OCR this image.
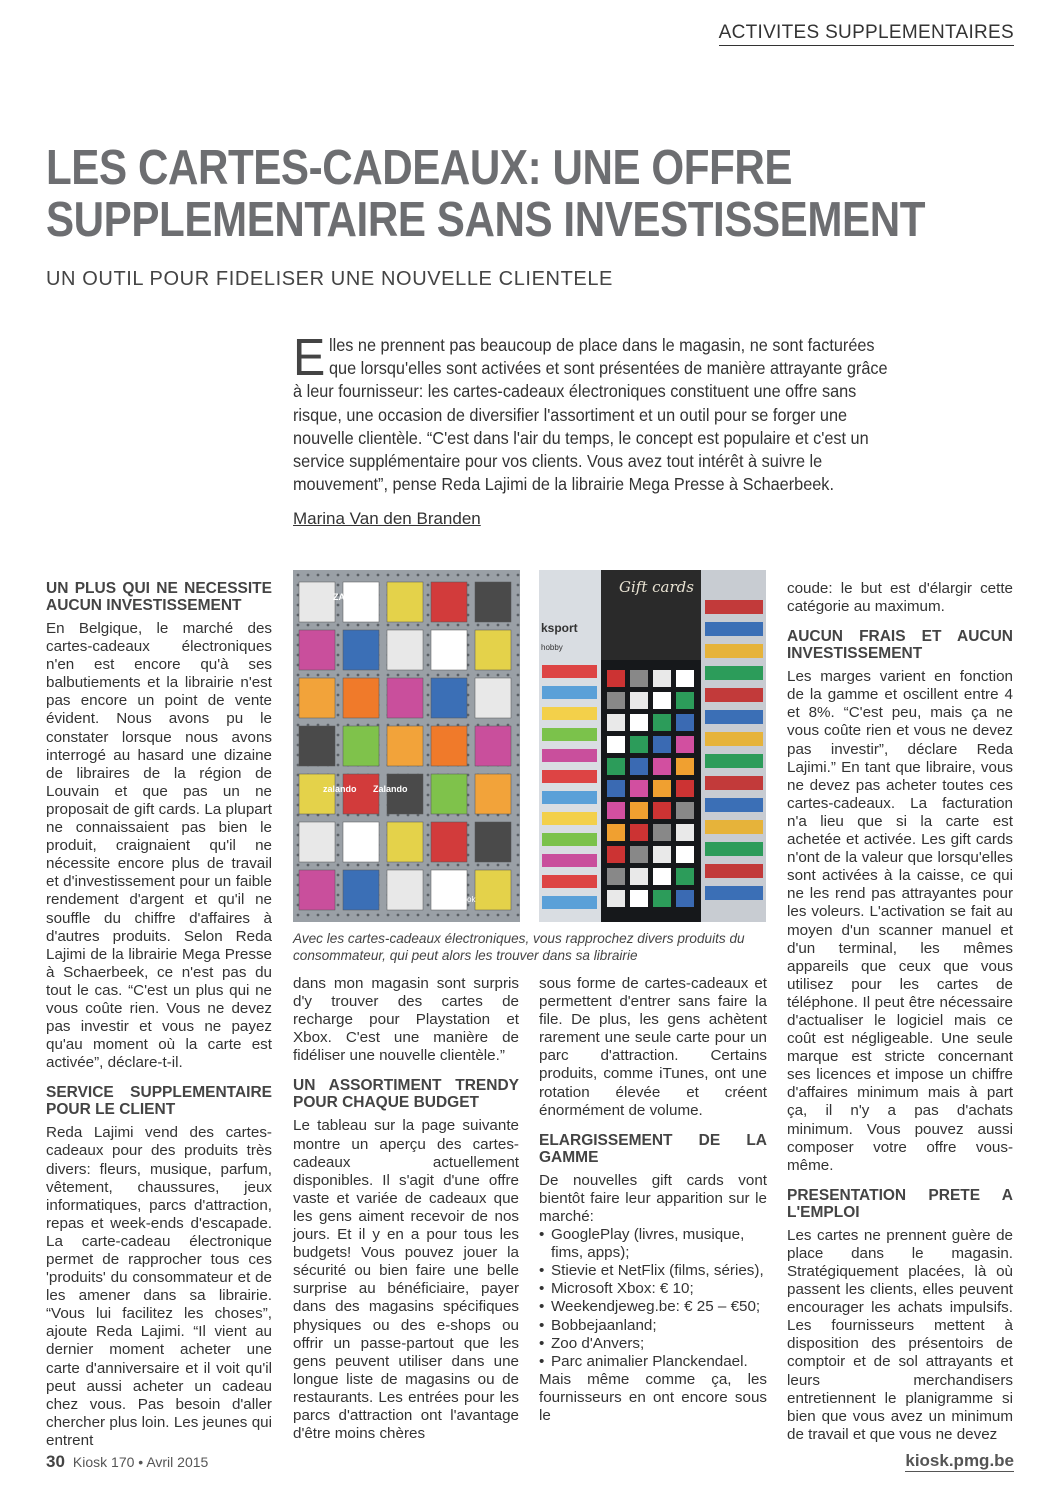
ACTIVITES SUPPLEMENTAIRES
LES CARTES-CADEAUX: UNE OFFRE
SUPPLEMENTAIRE SANS INVESTISSEMENT
UN OUTIL POUR FIDELISER UNE NOUVELLE CLIENTELE
Elles ne prennent pas beaucoup de place dans le magasin, ne sont facturées que lorsqu'elles sont activées et sont présentées de manière attrayante grâce à leur fournisseur: les cartes-cadeaux électroniques constituent une offre sans risque, une occasion de diversifier l'assortiment et un outil pour se forger une nouvelle clientèle. “C'est dans l'air du temps, le concept est populaire et c'est un service supplémentaire pour vos clients. Vous avez tout intérêt à suivre le mouvement”, pense Reda Lajimi de la librairie Mega Presse à Schaerbeek.
Marina Van den Branden
UN PLUS QUI NE NECESSITE AUCUN INVESTISSEMENT

En Belgique, le marché des cartes-cadeaux électroniques n'en est encore qu'à ses balbutiements et la librairie n'est pas encore un point de vente évident. Nous avons pu le constater lorsque nous avons interrogé au hasard une dizaine de libraires de la région de Louvain et que pas un ne proposait de gift cards. La plupart ne connaissaient pas bien le produit, craignaient qu'il ne nécessite encore plus de travail et d'investissement pour un faible rendement d'argent et qu'il ne souffle du chiffre d'affaires à d'autres produits. Selon Reda Lajimi de la librairie Mega Presse à Schaerbeek, ce n'est pas du tout le cas. “C'est un plus qui ne vous coûte rien. Vous ne devez pas investir et vous ne payez qu'au moment où la carte est activée”, déclare-t-il.

SERVICE SUPPLEMENTAIRE POUR LE CLIENT

Reda Lajimi vend des cartes-cadeaux pour des produits très divers: fleurs, musique, parfum, vêtement, chaussures, jeux informatiques, parcs d'attraction, repas et week-ends d'escapade. La carte-cadeau électronique permet de rapprocher tous ces 'produits' du consommateur et de les amener dans sa librairie. “Vous lui facilitez les choses”, ajoute Reda Lajimi. “Il vient au dernier moment acheter une carte d'anniversaire et il voit qu'il peut aussi acheter un cadeau chez vous. Pas besoin d'aller chercher plus loin. Les jeunes qui entrent

ZALANDO
zalando
facebook
Zalando
Gift cards
ksport
hobby
Avec les cartes-cadeaux électroniques, vous rapprochez divers produits du consommateur, qui peut alors les trouver dans sa librairie

dans mon magasin sont surpris d'y trouver des cartes de recharge pour Playstation et Xbox. C'est une manière de fidéliser une nouvelle clientèle.”

UN ASSORTIMENT TRENDY POUR CHAQUE BUDGET

Le tableau sur la page suivante montre un aperçu des cartes-cadeaux actuellement disponibles. Il s'agit d'une offre vaste et variée de cadeaux que les gens aiment recevoir de nos jours. Et il y en a pour tous les budgets! Vous pouvez jouer la sécurité ou bien faire une belle surprise au bénéficiaire, payer dans des magasins spécifiques physiques ou des e-shops ou offrir un passe-partout que les gens peuvent utiliser dans une longue liste de magasins ou de restaurants. Les entrées pour les parcs d'attraction ont l'avantage d'être moins chères

sous forme de cartes-cadeaux et permettent d'entrer sans faire la file. De plus, les gens achètent rarement une seule carte pour un parc d'attraction. Certains produits, comme iTunes, ont une rotation élevée et créent énormément de volume.

ELARGISSEMENT DE LA GAMME

De nouvelles gift cards vont bientôt faire leur apparition sur le marché:

• GooglePlay (livres, musique, fims, apps);
• Stievie et NetFlix (films, séries),
• Microsoft Xbox: € 10;
• Weekendjeweg.be: € 25 – €50;
• Bobbejaanland;
• Zoo d'Anvers;
• Parc animalier Planckendael.

Mais même comme ça, les fournisseurs en ont encore sous le

coude: le but est d'élargir cette catégorie au maximum.

AUCUN FRAIS ET AUCUN INVESTISSEMENT

Les marges varient en fonction de la gamme et oscillent entre 4 et 8%. “C'est peu, mais ça ne vous coûte rien et vous ne devez pas investir”, déclare Reda Lajimi.” En tant que libraire, vous ne devez pas acheter toutes ces cartes-cadeaux. La facturation n'a lieu que si la carte est achetée et activée. Les gift cards n'ont de la valeur que lorsqu'elles sont activées à la caisse, ce qui ne les rend pas attrayantes pour les voleurs. L'activation se fait au moyen d'un scanner manuel et d'un terminal, les mêmes appareils que ceux que vous utilisez pour les cartes de téléphone. Il peut être nécessaire d'actualiser le logiciel mais ce coût est négligeable. Une seule marque est stricte concernant ses licences et impose un chiffre d'affaires minimum mais à part ça, il n'y a pas d'achats minimum. Vous pouvez aussi composer votre offre vous-même.

PRESENTATION PRETE A L'EMPLOI

Les cartes ne prennent guère de place dans le magasin. Stratégiquement placées, là où passent les clients, elles peuvent encourager les achats impulsifs. Les fournisseurs mettent à disposition des présentoirs de comptoir et de sol attrayants et leurs merchandisers entretiennent le planigramme si bien que vous avez un minimum de travail et que vous ne devez

30 Kiosk 170 • Avril 2015	kiosk.pmg.be
